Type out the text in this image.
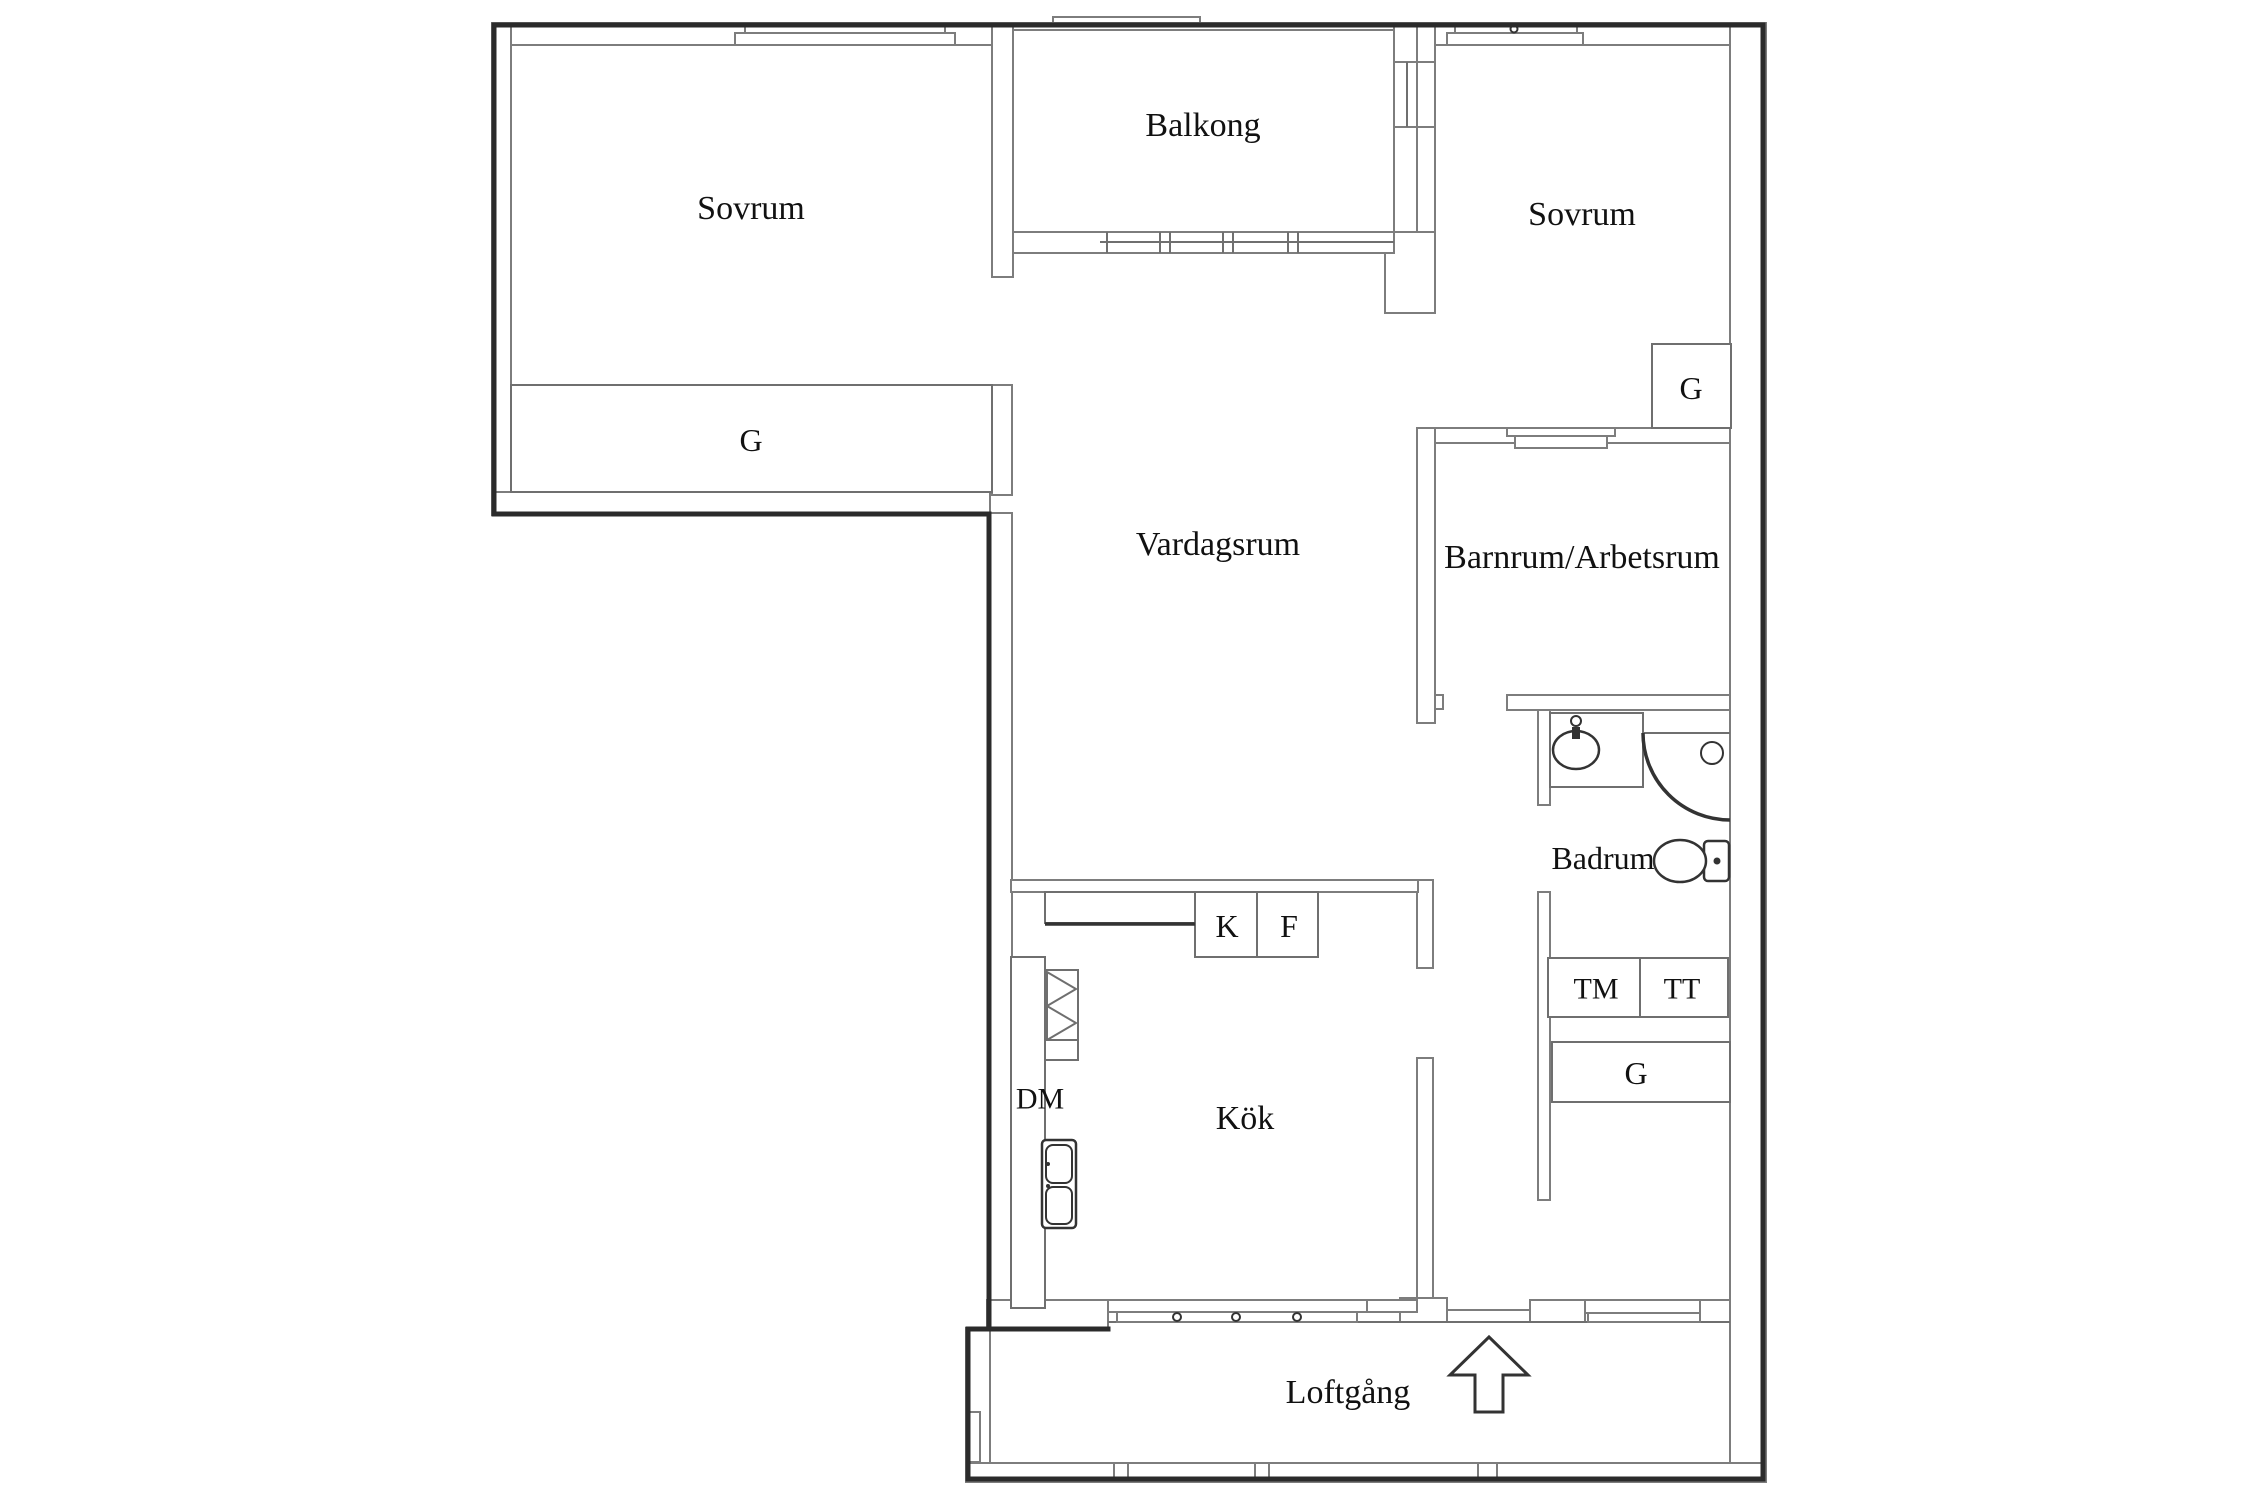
Sovrum
Balkong
Sovrum
G
Vardagsrum	Barnrum/Arbetsrum
G
Badrum
K F
TM TT
G
DM
Kök
Loftgång
